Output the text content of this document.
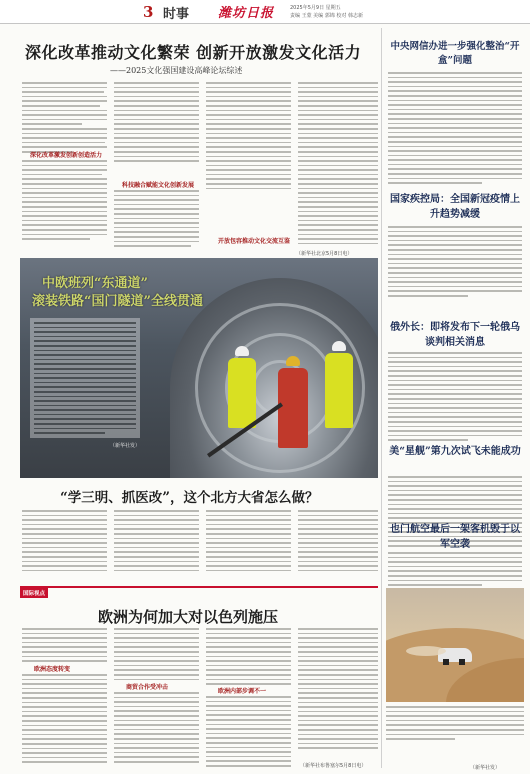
3 时事 潍坊日报	2025年5月9日 星期五
责编 王蒙 美编 郭锦 校对 韩志新
深化改革推动文化繁荣 创新开放激发文化活力
——2025文化强国建设高峰论坛综述
深化改革激发创新创造活力
科技融合赋能文化创新发展
开放包容推动文化交流互鉴
（新华社北京5月8日电）
中欧班列“东通道”
滚装铁路“国门隧道”全线贯通
（新华社发）
“学三明、抓医改”，这个北方大省怎么做？
国际视点
欧洲为何加大对以色列施压
欧洲态度转变
商贸合作受冲击
欧洲内部步调不一
（新华社布鲁塞尔5月8日电）
中央网信办进一步强化整治“开盒”问题
国家疾控局：全国新冠疫情上升趋势减缓
俄外长：即将发布下一轮俄乌谈判相关消息
美“星舰”第九次试飞未能成功
也门航空最后一架客机毁于以军空袭
（新华社发）
